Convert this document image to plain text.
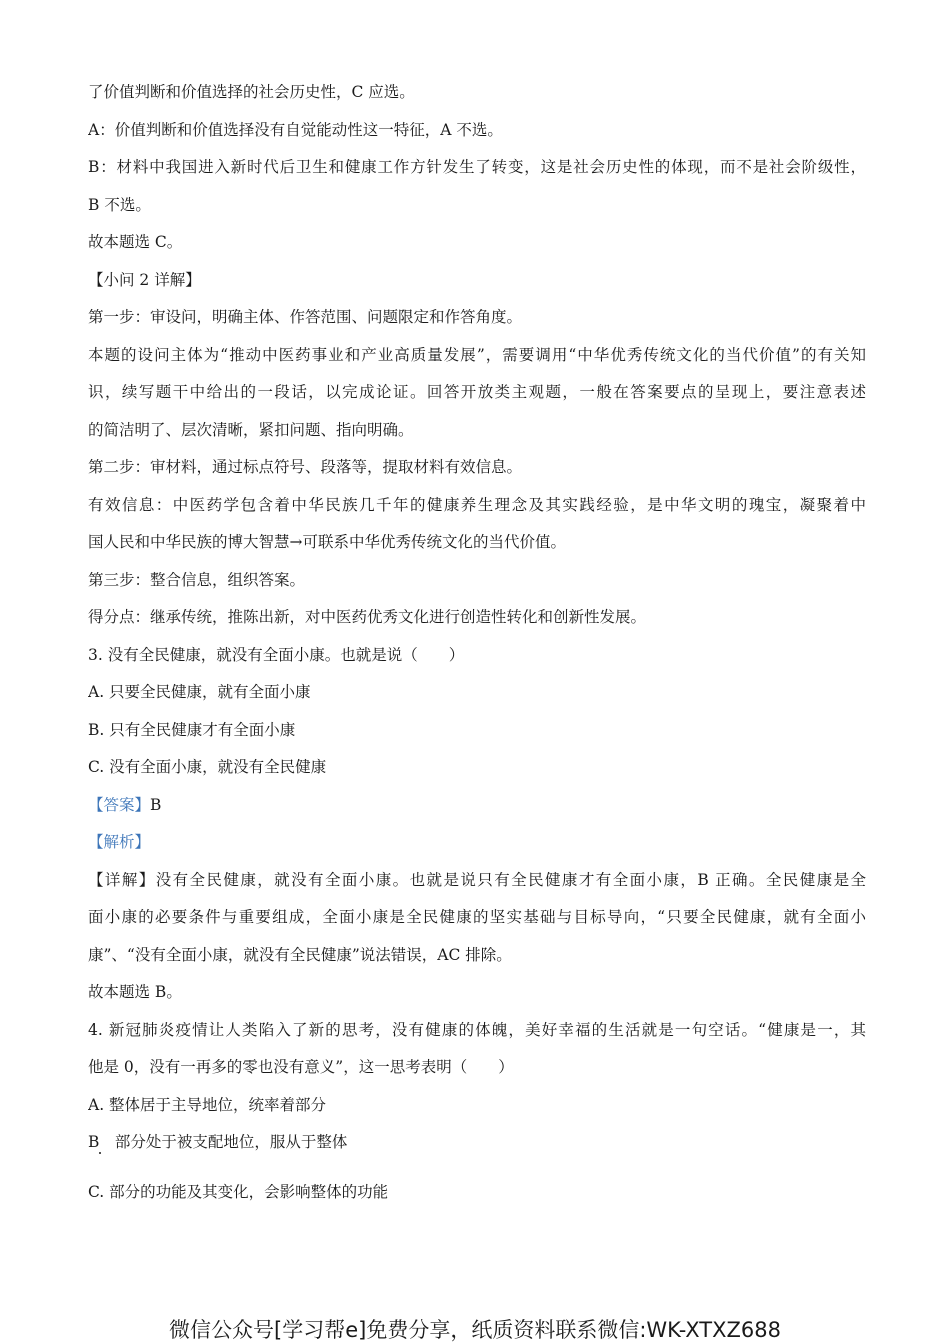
了价值判断和价值选择的社会历史性，C 应选。
A：价值判断和价值选择没有自觉能动性这一特征，A 不选。
B：材料中我国进入新时代后卫生和健康工作方针发生了转变，这是社会历史性的体现，而不是社会阶级性，
B 不选。
故本题选 C。
【小问 2 详解】
第一步：审设问，明确主体、作答范围、问题限定和作答角度。
本题的设问主体为“推动中医药事业和产业高质量发展”，需要调用“中华优秀传统文化的当代价值”的有关知
识，续写题干中给出的一段话，以完成论证。回答开放类主观题，一般在答案要点的呈现上，要注意表述
的简洁明了、层次清晰，紧扣问题、指向明确。
第二步：审材料，通过标点符号、段落等，提取材料有效信息。
有效信息：中医药学包含着中华民族几千年的健康养生理念及其实践经验，是中华文明的瑰宝，凝聚着中
国人民和中华民族的博大智慧→可联系中华优秀传统文化的当代价值。
第三步：整合信息，组织答案。
得分点：继承传统，推陈出新，对中医药优秀文化进行创造性转化和创新性发展。
3. 没有全民健康，就没有全面小康。也就是说（　　）
A. 只要全民健康，就有全面小康
B. 只有全民健康才有全面小康
C. 没有全面小康，就没有全民健康
【答案】B
【解析】
【详解】没有全民健康，就没有全面小康。也就是说只有全民健康才有全面小康，B 正确。全民健康是全
面小康的必要条件与重要组成，全面小康是全民健康的坚实基础与目标导向，“只要全民健康，就有全面小
康”、“没有全面小康，就没有全民健康”说法错误，AC 排除。
故本题选 B。
4. 新冠肺炎疫情让人类陷入了新的思考，没有健康的体魄，美好幸福的生活就是一句空话。“健康是一，其
他是 0，没有一再多的零也没有意义”，这一思考表明（　　）
A. 整体居于主导地位，统率着部分
B　部分处于被支配地位，服从于整体
C. 部分的功能及其变化，会影响整体的功能
微信公众号[学习帮e]免费分享，纸质资料联系微信:WK-XTXZ688
